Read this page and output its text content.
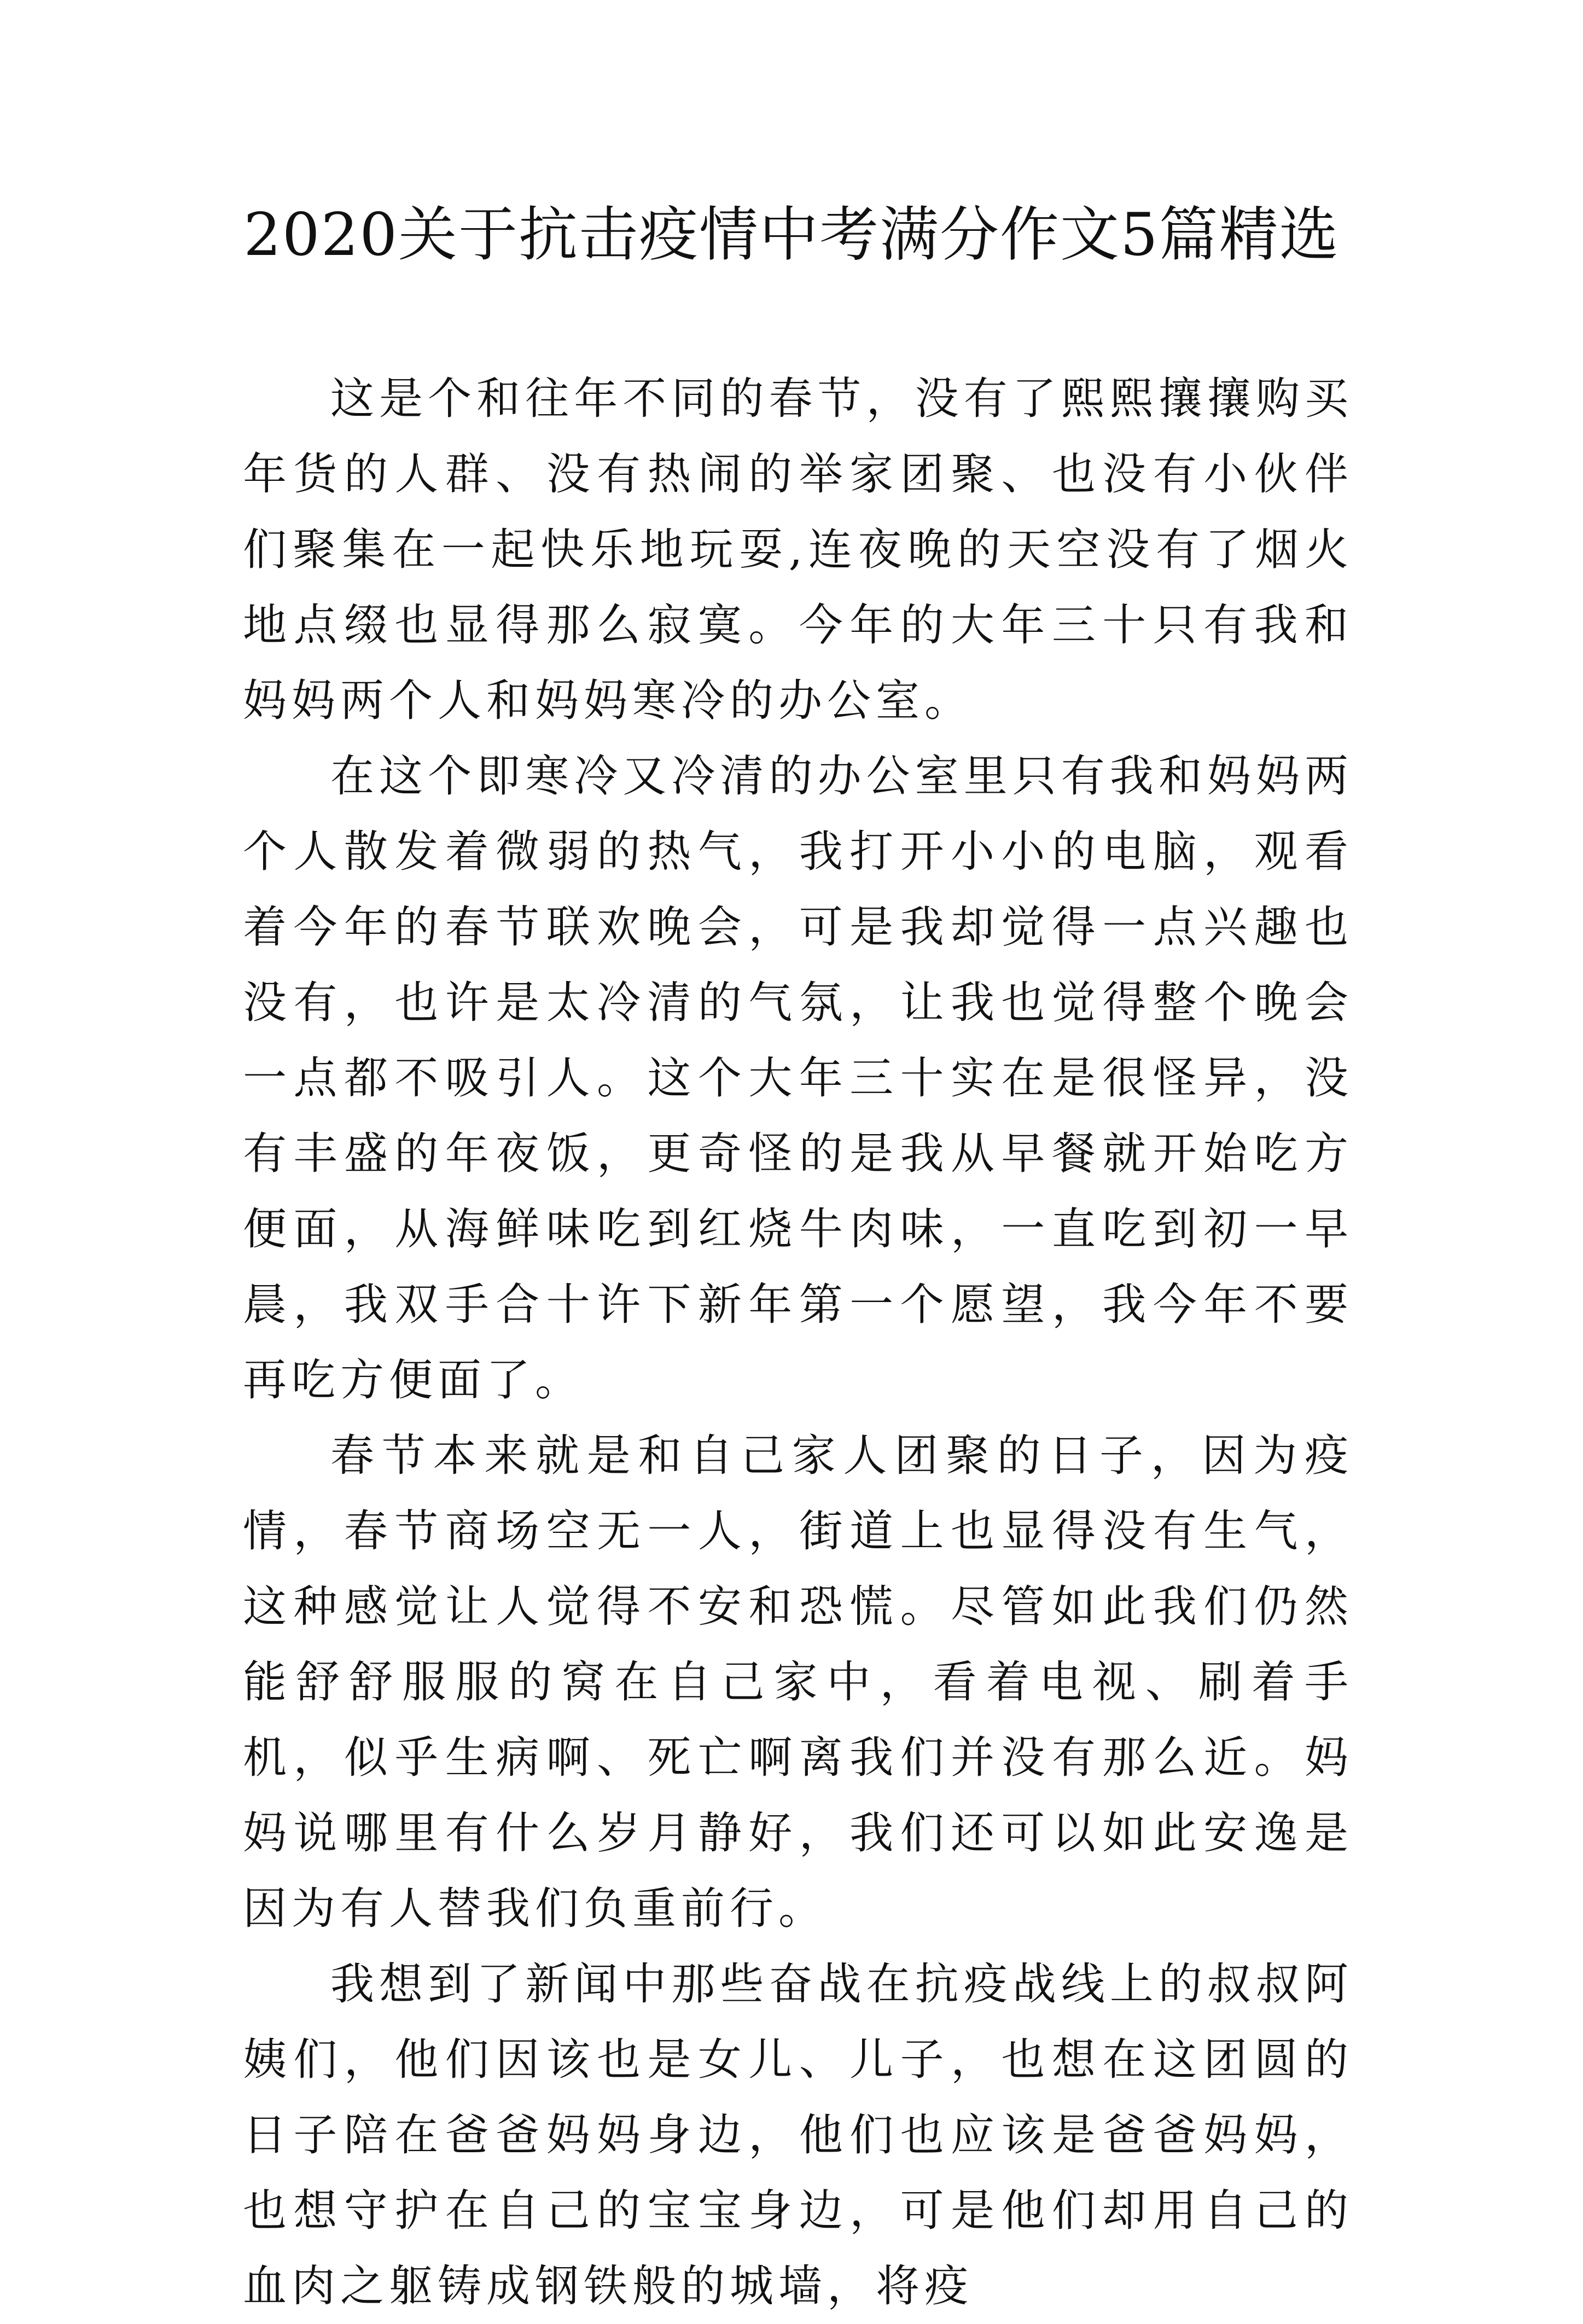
2020关于抗击疫情中考满分作文5篇精选

这是个和往年不同的春节，没有了熙熙攘攘购买年货的人群、没有热闹的举家团聚、也没有小伙伴们聚集在一起快乐地玩耍,连夜晚的天空没有了烟火地点缀也显得那么寂寞。今年的大年三十只有我和妈妈两个人和妈妈寒冷的办公室。

在这个即寒冷又冷清的办公室里只有我和妈妈两个人散发着微弱的热气，我打开小小的电脑，观看着今年的春节联欢晚会，可是我却觉得一点兴趣也没有，也许是太冷清的气氛，让我也觉得整个晚会一点都不吸引人。这个大年三十实在是很怪异，没有丰盛的年夜饭，更奇怪的是我从早餐就开始吃方便面，从海鲜味吃到红烧牛肉味，一直吃到初一早晨，我双手合十许下新年第一个愿望，我今年不要再吃方便面了。

春节本来就是和自己家人团聚的日子，因为疫情，春节商场空无一人，街道上也显得没有生气，这种感觉让人觉得不安和恐慌。尽管如此我们仍然能舒舒服服的窝在自己家中，看着电视、刷着手机，似乎生病啊、死亡啊离我们并没有那么近。妈妈说哪里有什么岁月静好，我们还可以如此安逸是因为有人替我们负重前行。

我想到了新闻中那些奋战在抗疫战线上的叔叔阿姨们，他们因该也是女儿、儿子，也想在这团圆的日子陪在爸爸妈妈身边，他们也应该是爸爸妈妈，也想守护在自己的宝宝身边，可是他们却用自己的血肉之躯铸成钢铁般的城墙，将疫
